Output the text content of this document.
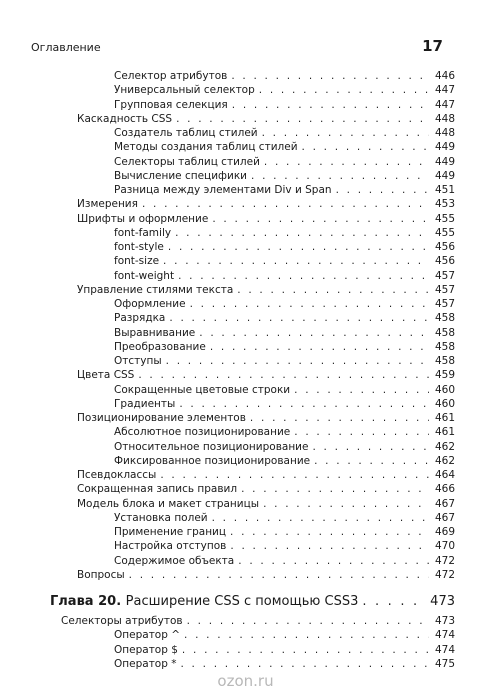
Оглавление	17
Селектор атрибутов . . .	446
Универсальный селектор . . .	447
Групповая селекция . . .	447
Каскадность CSS . . .	448
Создатель таблиц стилей . . .	448
Методы создания таблиц стилей . . .	449
Селекторы таблиц стилей . . .	449
Вычисление специфики . . .	449
Разница между элементами Div и Span . . .	451
Измерения . . .	453
Шрифты и оформление . . .	455
font-family . . .	455
font-style . . .	456
font-size . . .	456
font-weight . . .	457
Управление стилями текста . . .	457
Оформление . . .	457
Разрядка . . .	458
Выравнивание . . .	458
Преобразование . . .	458
Отступы . . .	458
Цвета CSS . . .	459
Сокращенные цветовые строки . . .	460
Градиенты . . .	460
Позиционирование элементов . . .	461
Абсолютное позиционирование . . .	461
Относительное позиционирование . . .	462
Фиксированное позиционирование . . .	462
Псевдоклассы . . .	464
Сокращенная запись правил . . .	466
Модель блока и макет страницы . . .	467
Установка полей . . .	467
Применение границ . . .	469
Настройка отступов . . .	470
Содержимое объекта . . .	472
Вопросы . . .	472
Глава 20. Расширение CSS с помощью CSS3 . . .	473
Селекторы атрибутов . . .	473
Оператор ^ . . .	474
Оператор $ . . .	474
Оператор * . . .	475
ozon.ru
